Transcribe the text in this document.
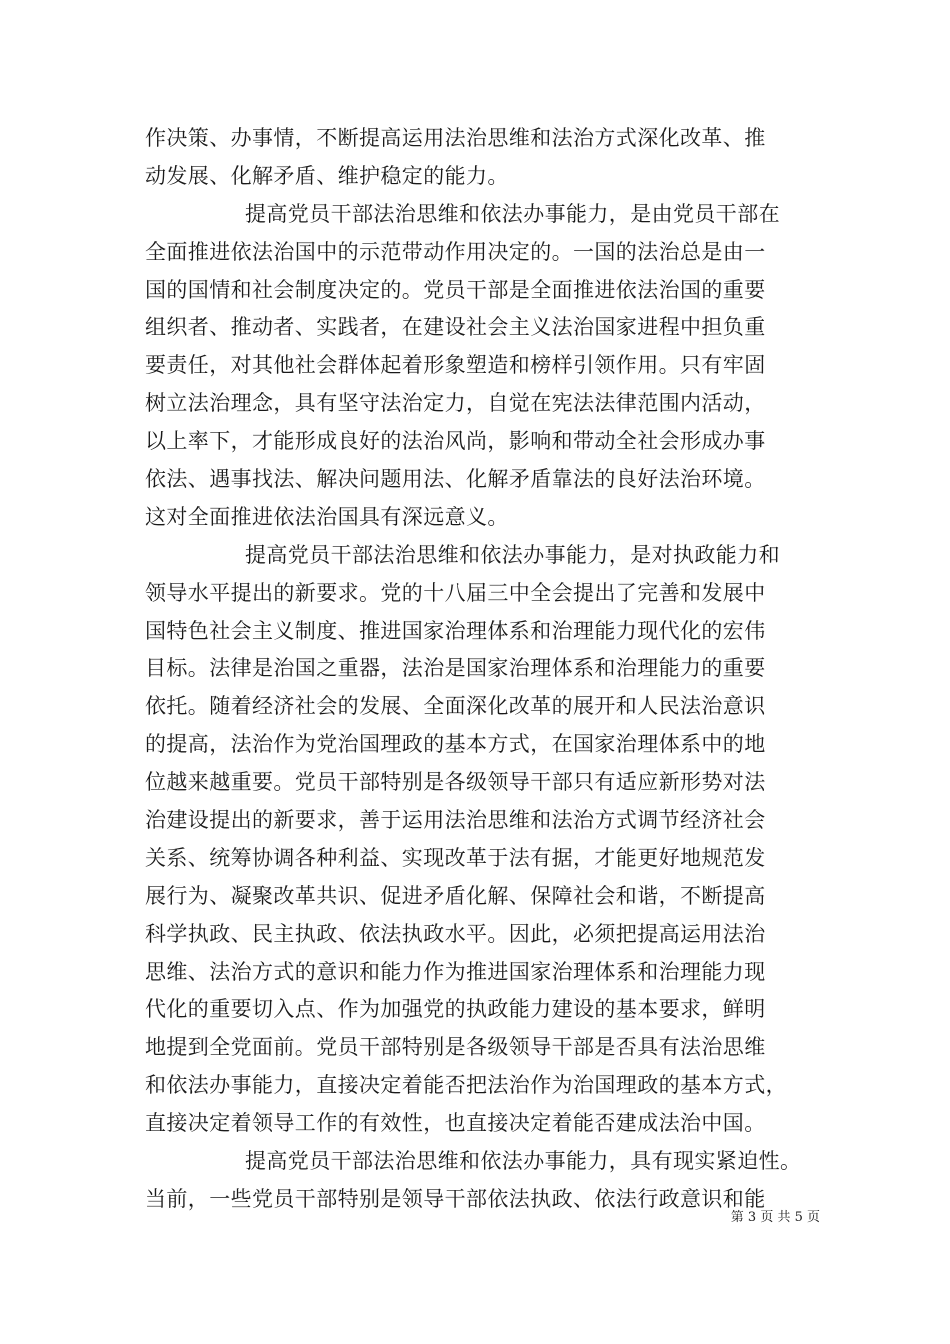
作决策、办事情，不断提高运用法治思维和法治方式深化改革、推
动发展、化解矛盾、维护稳定的能力。
提高党员干部法治思维和依法办事能力，是由党员干部在
全面推进依法治国中的示范带动作用决定的。一国的法治总是由一
国的国情和社会制度决定的。党员干部是全面推进依法治国的重要
组织者、推动者、实践者，在建设社会主义法治国家进程中担负重
要责任，对其他社会群体起着形象塑造和榜样引领作用。只有牢固
树立法治理念，具有坚守法治定力，自觉在宪法法律范围内活动，
以上率下，才能形成良好的法治风尚，影响和带动全社会形成办事
依法、遇事找法、解决问题用法、化解矛盾靠法的良好法治环境。
这对全面推进依法治国具有深远意义。
提高党员干部法治思维和依法办事能力，是对执政能力和
领导水平提出的新要求。党的十八届三中全会提出了完善和发展中
国特色社会主义制度、推进国家治理体系和治理能力现代化的宏伟
目标。法律是治国之重器，法治是国家治理体系和治理能力的重要
依托。随着经济社会的发展、全面深化改革的展开和人民法治意识
的提高，法治作为党治国理政的基本方式，在国家治理体系中的地
位越来越重要。党员干部特别是各级领导干部只有适应新形势对法
治建设提出的新要求，善于运用法治思维和法治方式调节经济社会
关系、统筹协调各种利益、实现改革于法有据，才能更好地规范发
展行为、凝聚改革共识、促进矛盾化解、保障社会和谐，不断提高
科学执政、民主执政、依法执政水平。因此，必须把提高运用法治
思维、法治方式的意识和能力作为推进国家治理体系和治理能力现
代化的重要切入点、作为加强党的执政能力建设的基本要求，鲜明
地提到全党面前。党员干部特别是各级领导干部是否具有法治思维
和依法办事能力，直接决定着能否把法治作为治国理政的基本方式，
直接决定着领导工作的有效性，也直接决定着能否建成法治中国。
提高党员干部法治思维和依法办事能力，具有现实紧迫性。
当前，一些党员干部特别是领导干部依法执政、依法行政意识和能
第 3 页 共 5 页
